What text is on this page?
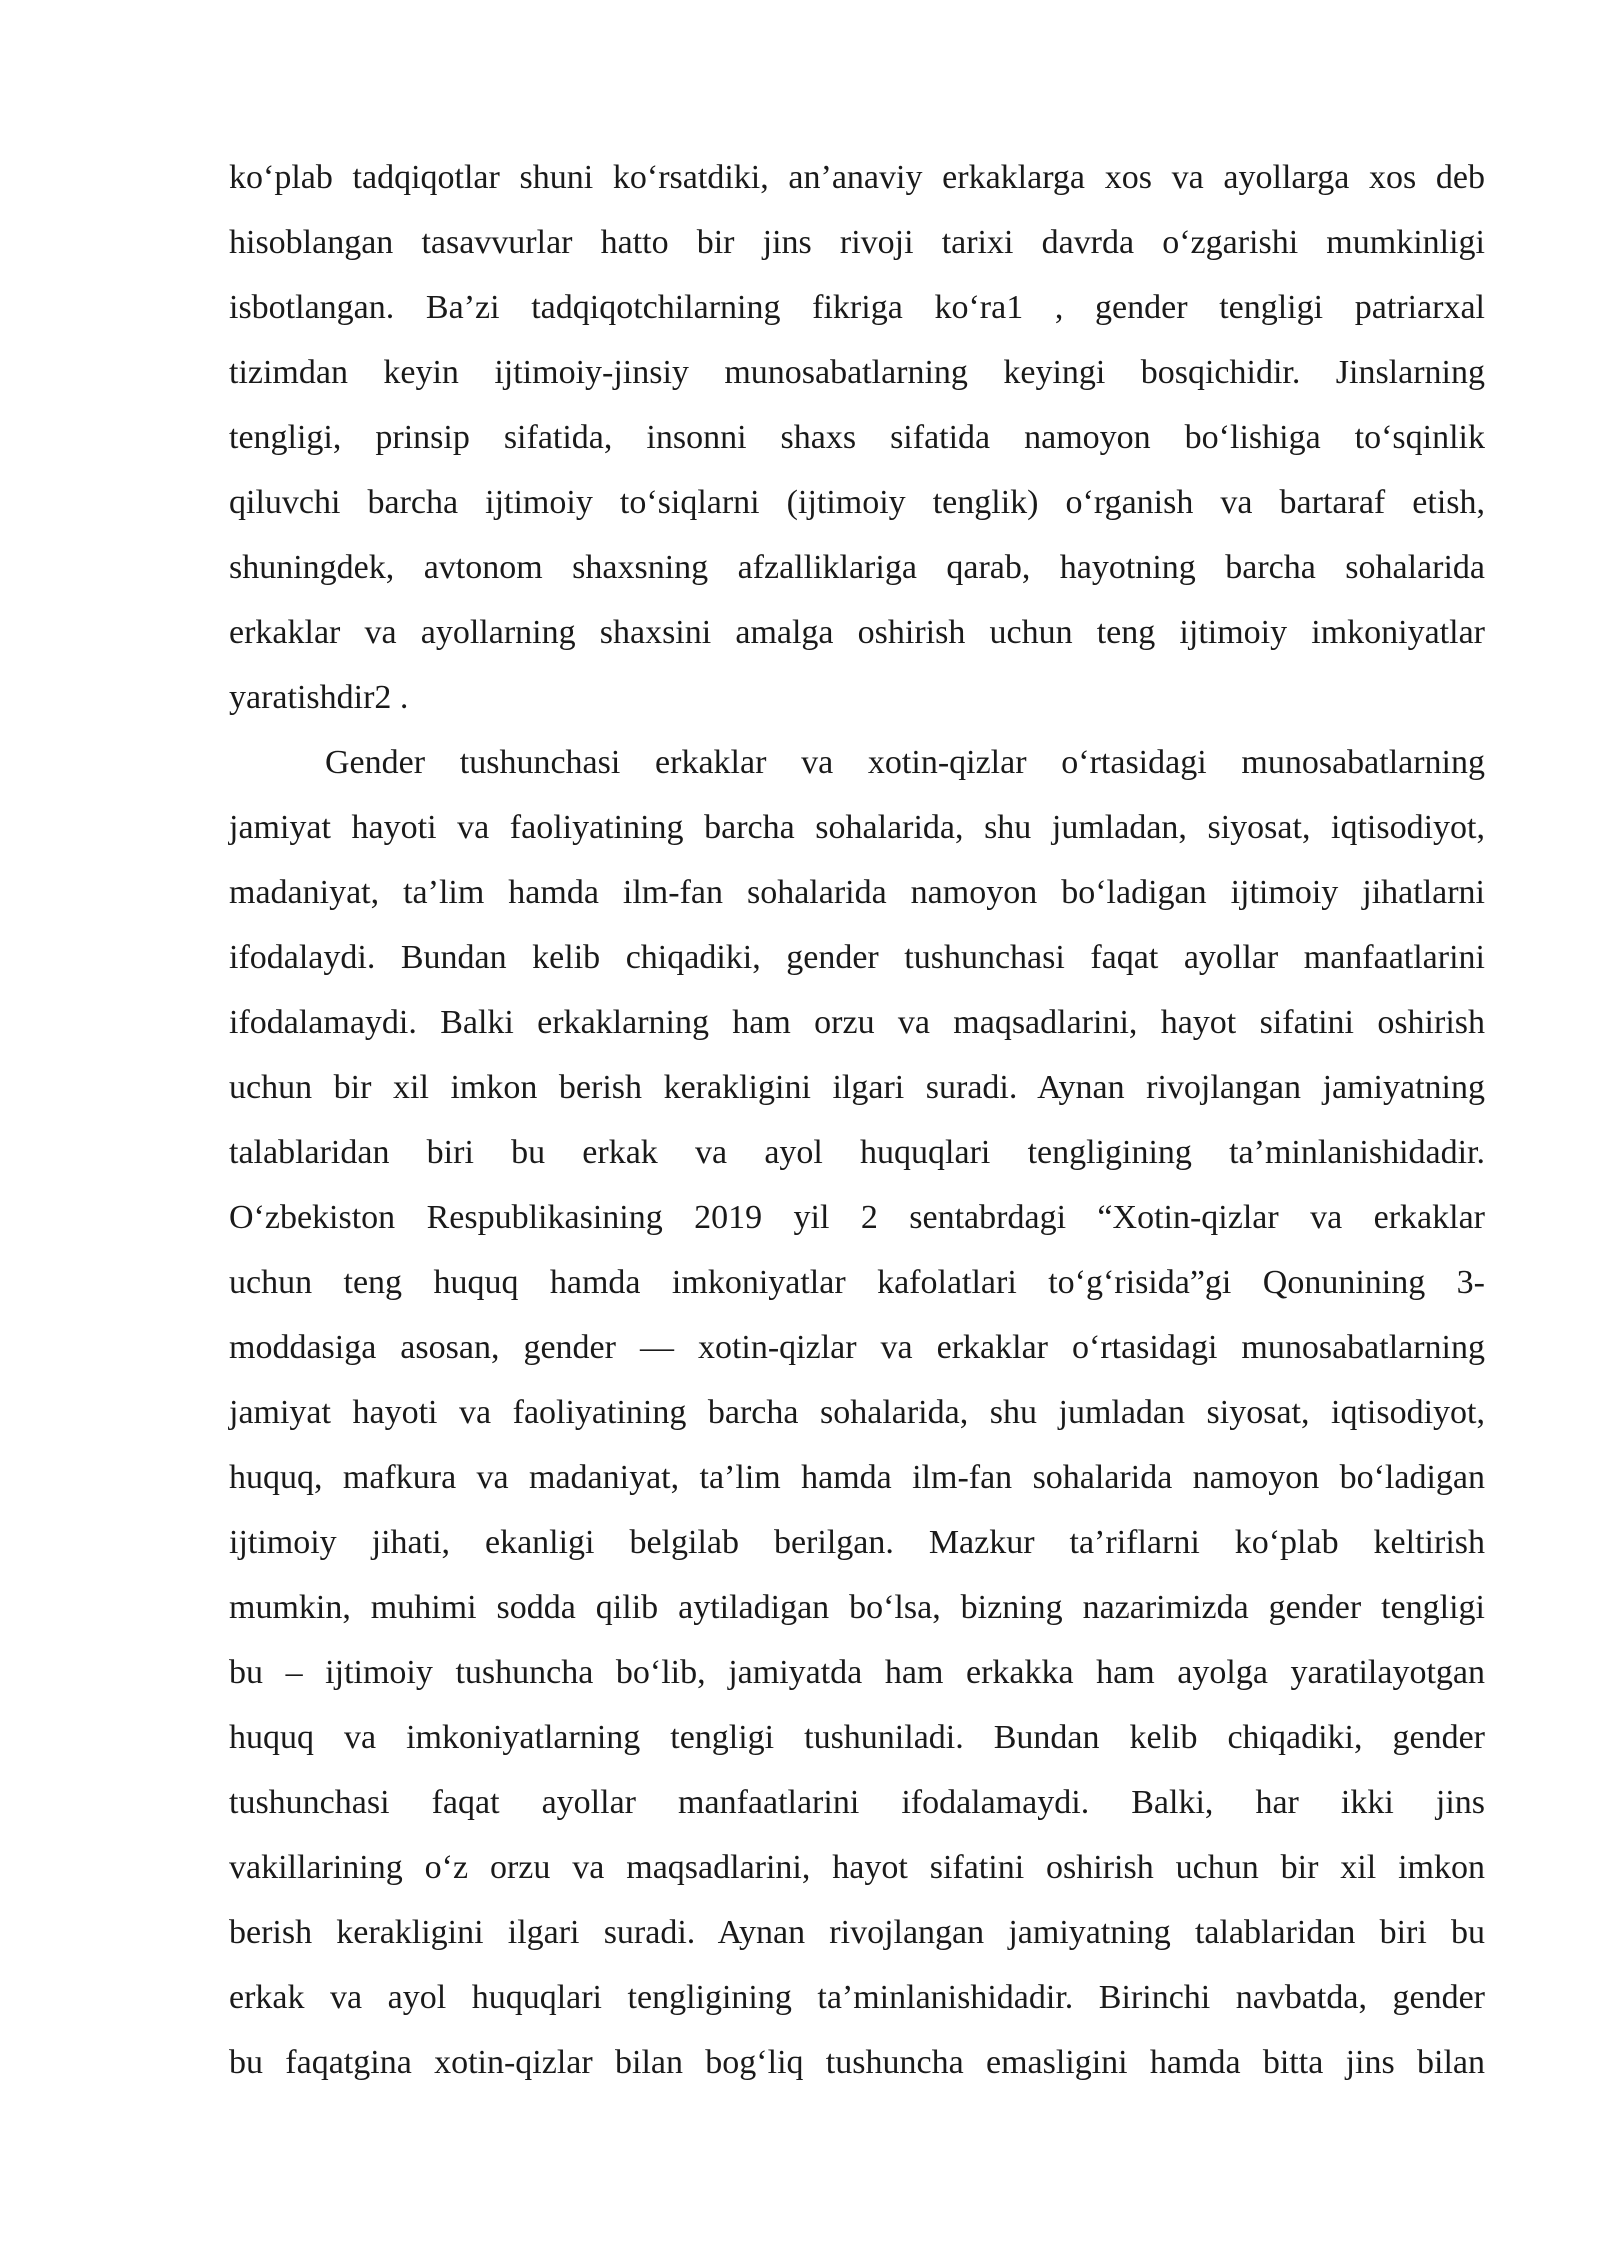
ko‘plab tadqiqotlar shuni ko‘rsatdiki, an’anaviy erkaklarga xos va ayollarga xos deb
hisoblangan tasavvurlar hatto bir jins rivoji tarixi davrda o‘zgarishi mumkinligi
isbotlangan. Ba’zi tadqiqotchilarning fikriga ko‘ra1 , gender tengligi patriarxal
tizimdan keyin ijtimoiy-jinsiy munosabatlarning keyingi bosqichidir. Jinslarning
tengligi, prinsip sifatida, insonni shaxs sifatida namoyon bo‘lishiga to‘sqinlik
qiluvchi barcha ijtimoiy to‘siqlarni (ijtimoiy tenglik) o‘rganish va bartaraf etish,
shuningdek, avtonom shaxsning afzalliklariga qarab, hayotning barcha sohalarida
erkaklar va ayollarning shaxsini amalga oshirish uchun teng ijtimoiy imkoniyatlar
yaratishdir2 .
Gender tushunchasi erkaklar va xotin-qizlar o‘rtasidagi munosabatlarning
jamiyat hayoti va faoliyatining barcha sohalarida, shu jumladan, siyosat, iqtisodiyot,
madaniyat, ta’lim hamda ilm-fan sohalarida namoyon bo‘ladigan ijtimoiy jihatlarni
ifodalaydi. Bundan kelib chiqadiki, gender tushunchasi faqat ayollar manfaatlarini
ifodalamaydi. Balki erkaklarning ham orzu va maqsadlarini, hayot sifatini oshirish
uchun bir xil imkon berish kerakligini ilgari suradi. Aynan rivojlangan jamiyatning
talablaridan biri bu erkak va ayol huquqlari tengligining ta’minlanishidadir.
O‘zbekiston Respublikasining 2019 yil 2 sentabrdagi “Xotin-qizlar va erkaklar
uchun teng huquq hamda imkoniyatlar kafolatlari to‘g‘risida”gi Qonunining 3-
moddasiga asosan, gender — xotin-qizlar va erkaklar o‘rtasidagi munosabatlarning
jamiyat hayoti va faoliyatining barcha sohalarida, shu jumladan siyosat, iqtisodiyot,
huquq, mafkura va madaniyat, ta’lim hamda ilm-fan sohalarida namoyon bo‘ladigan
ijtimoiy jihati, ekanligi belgilab berilgan. Mazkur ta’riflarni ko‘plab keltirish
mumkin, muhimi sodda qilib aytiladigan bo‘lsa, bizning nazarimizda gender tengligi
bu – ijtimoiy tushuncha bo‘lib, jamiyatda ham erkakka ham ayolga yaratilayotgan
huquq va imkoniyatlarning tengligi tushuniladi. Bundan kelib chiqadiki, gender
tushunchasi faqat ayollar manfaatlarini ifodalamaydi. Balki, har ikki jins
vakillarining o‘z orzu va maqsadlarini, hayot sifatini oshirish uchun bir xil imkon
berish kerakligini ilgari suradi. Aynan rivojlangan jamiyatning talablaridan biri bu
erkak va ayol huquqlari tengligining ta’minlanishidadir. Birinchi navbatda, gender
bu faqatgina xotin-qizlar bilan bog‘liq tushuncha emasligini hamda bitta jins bilan
